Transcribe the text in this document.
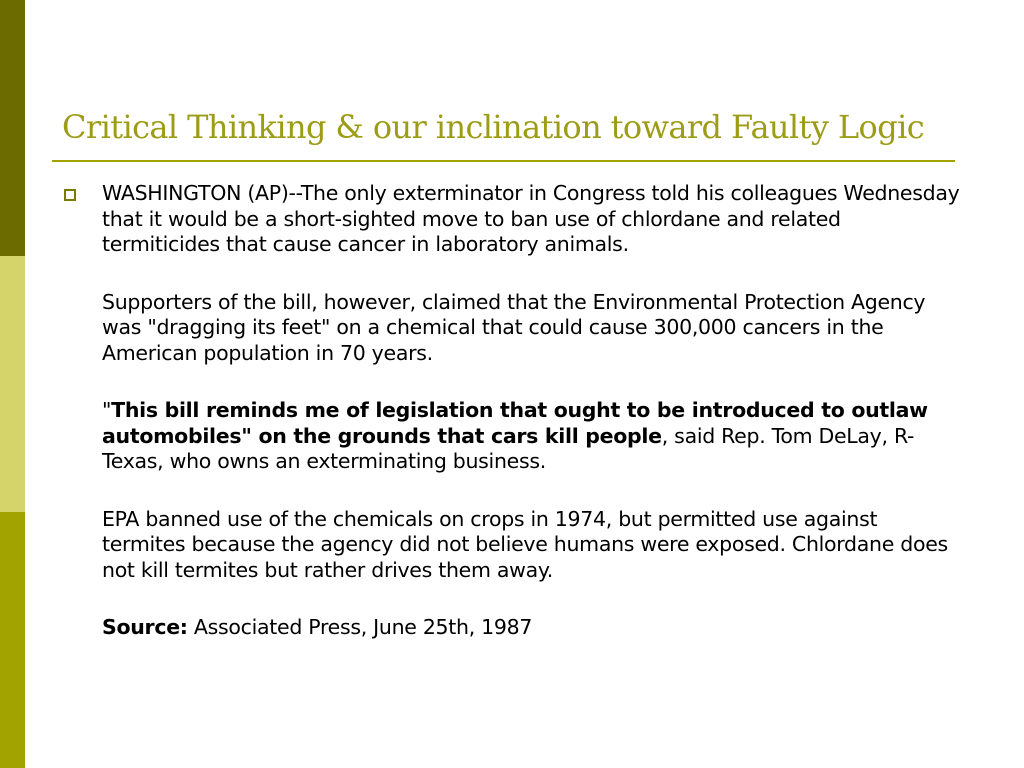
Critical Thinking & our inclination toward Faulty Logic

WASHINGTON (AP)--The only exterminator in Congress told his colleagues Wednesday that it would be a short-sighted move to ban use of chlordane and related termiticides that cause cancer in laboratory animals.

Supporters of the bill, however, claimed that the Environmental Protection Agency was "dragging its feet" on a chemical that could cause 300,000 cancers in the American population in 70 years.

"This bill reminds me of legislation that ought to be introduced to outlaw automobiles" on the grounds that cars kill people, said Rep. Tom DeLay, R-Texas, who owns an exterminating business.

EPA banned use of the chemicals on crops in 1974, but permitted use against termites because the agency did not believe humans were exposed. Chlordane does not kill termites but rather drives them away.

Source: Associated Press, June 25th, 1987
